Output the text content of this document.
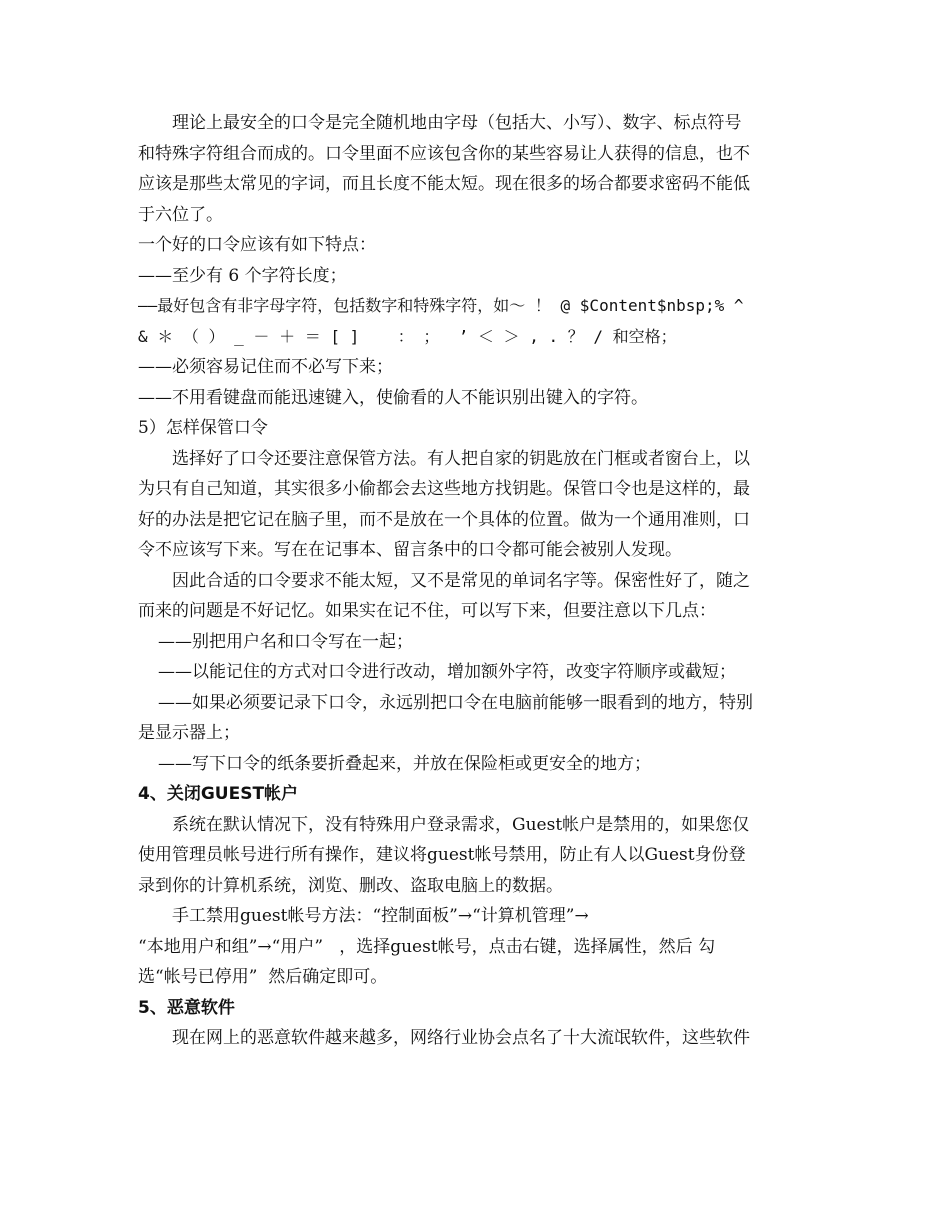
理论上最安全的口令是完全随机地由字母（包括大、小写）、数字、标点符号
和特殊字符组合而成的。口令里面不应该包含你的某些容易让人获得的信息，也不
应该是那些太常见的字词，而且长度不能太短。现在很多的场合都要求密码不能低
于六位了。
一个好的口令应该有如下特点：
——至少有 6 个字符长度；
——最好包含有非字母字符，包括数字和特殊字符，如～ ！ @ $Content$nbsp;% ^
& ＊ （ ） _ － ＋ ＝ [ ]    ： ；  ’ ＜ ＞ , . ？ / 和空格；
——必须容易记住而不必写下来；
——不用看键盘而能迅速键入，使偷看的人不能识别出键入的字符。
5）怎样保管口令
选择好了口令还要注意保管方法。有人把自家的钥匙放在门框或者窗台上，以
为只有自己知道，其实很多小偷都会去这些地方找钥匙。保管口令也是这样的，最
好的办法是把它记在脑子里，而不是放在一个具体的位置。做为一个通用准则，口
令不应该写下来。写在在记事本、留言条中的口令都可能会被别人发现。
因此合适的口令要求不能太短，又不是常见的单词名字等。保密性好了，随之
而来的问题是不好记忆。如果实在记不住，可以写下来，但要注意以下几点：
——别把用户名和口令写在一起；
——以能记住的方式对口令进行改动，增加额外字符，改变字符顺序或截短；
——如果必须要记录下口令，永远别把口令在电脑前能够一眼看到的地方，特别
是显示器上；
——写下口令的纸条要折叠起来，并放在保险柜或更安全的地方；
4、关闭GUEST帐户
系统在默认情况下，没有特殊用户登录需求，Guest帐户是禁用的，如果您仅
使用管理员帐号进行所有操作，建议将guest帐号禁用，防止有人以Guest身份登
录到你的计算机系统，浏览、删改、盗取电脑上的数据。
手工禁用guest帐号方法：“控制面板”→“计算机管理”→
“本地用户和组”→“用户”   ，选择guest帐号，点击右键，选择属性，然后 勾
选“帐号已停用”  然后确定即可。
5、恶意软件
现在网上的恶意软件越来越多，网络行业协会点名了十大流氓软件，这些软件
